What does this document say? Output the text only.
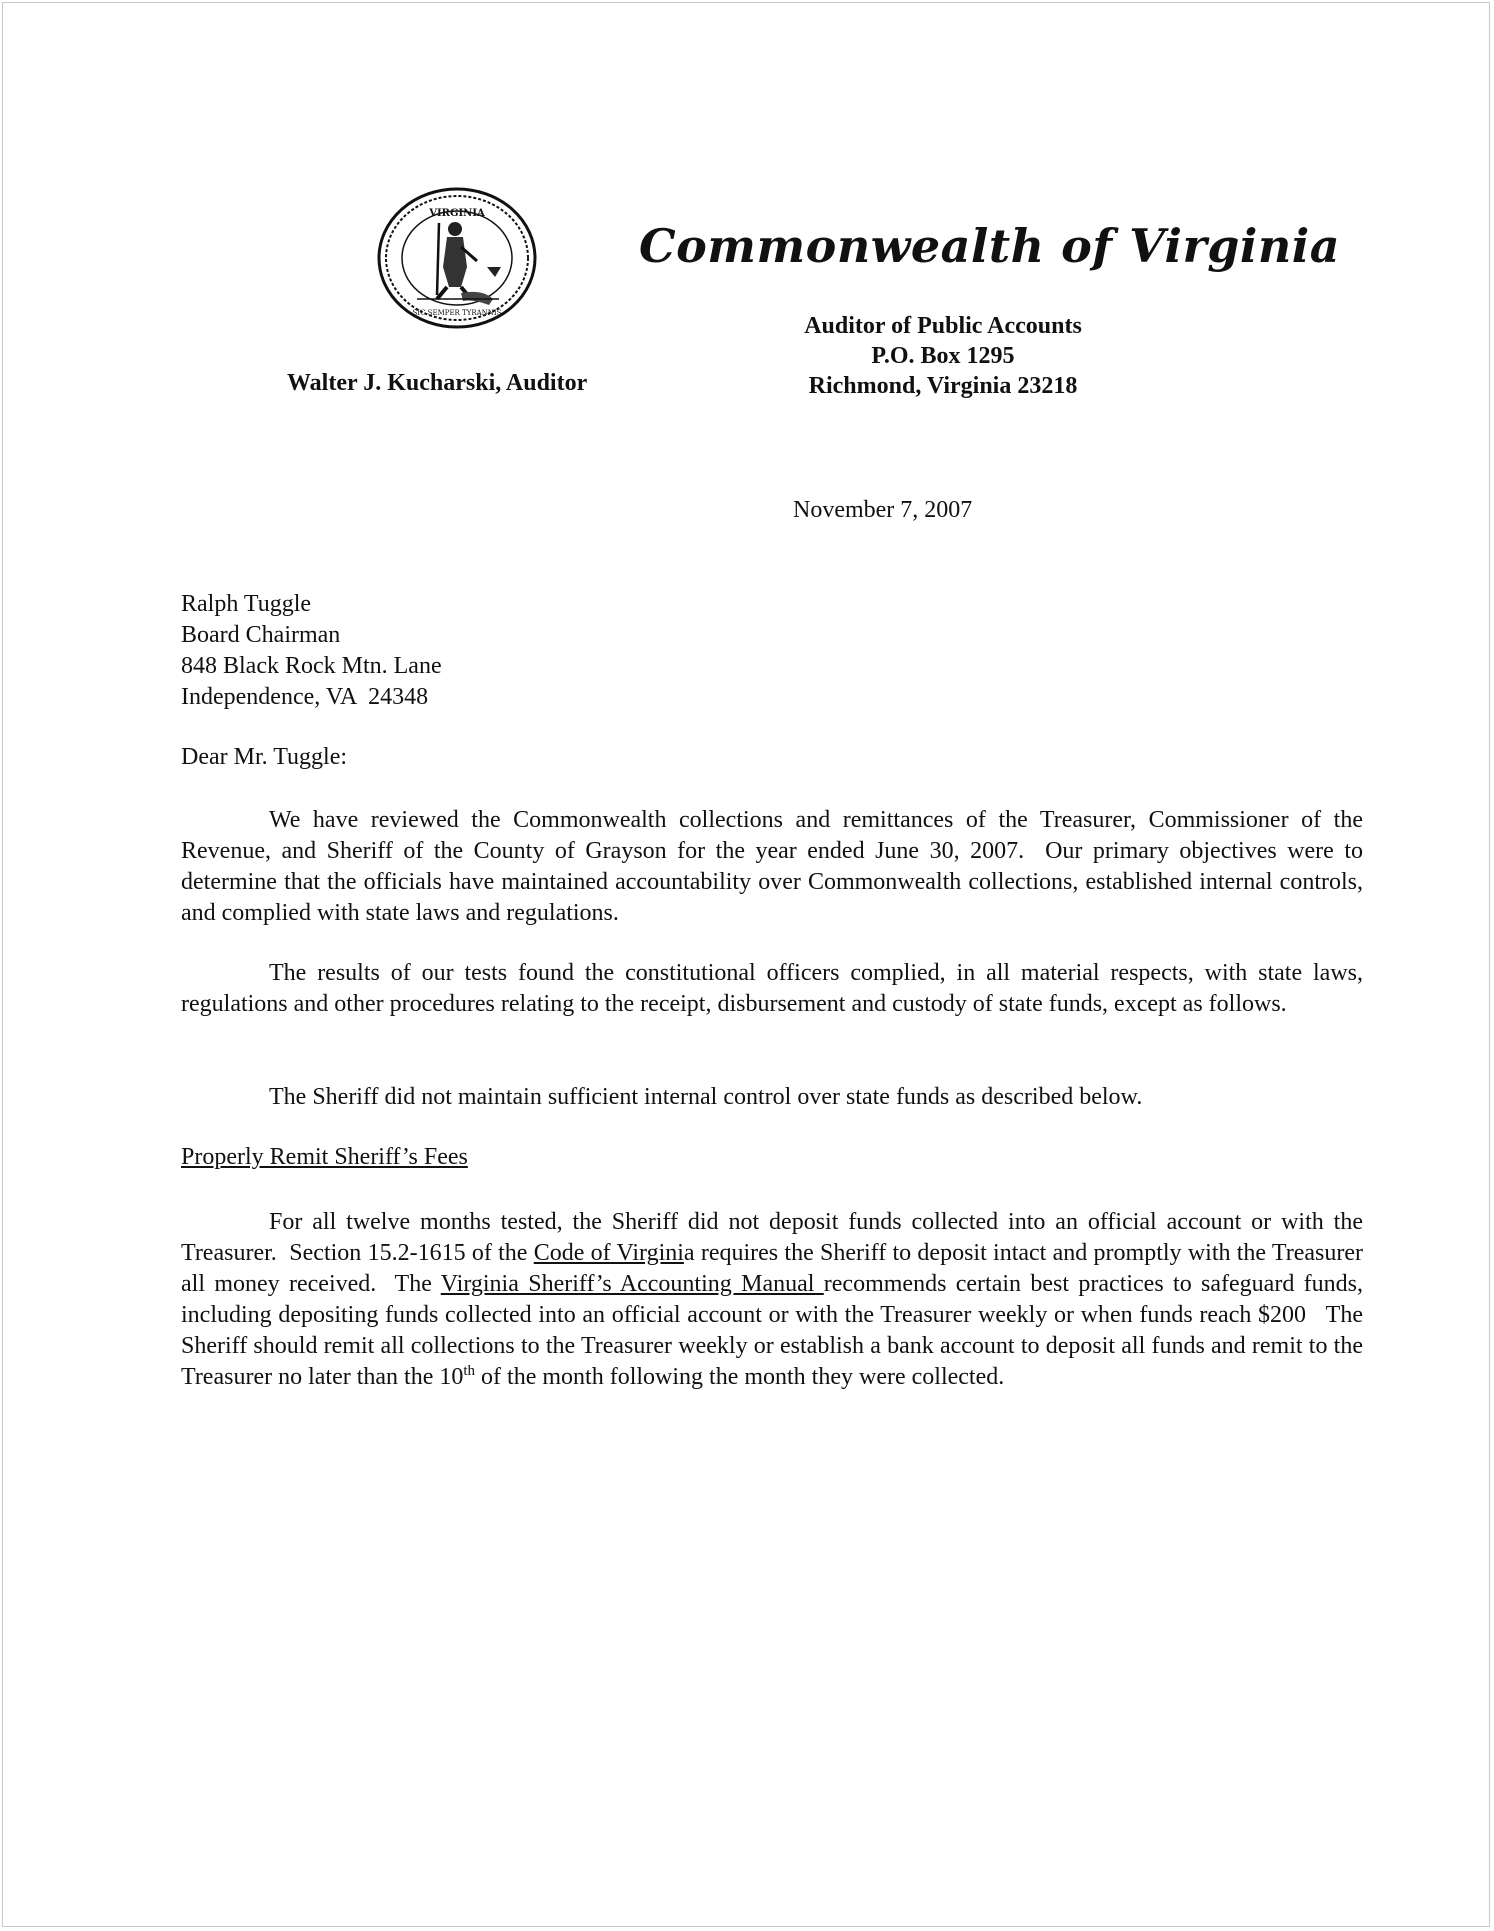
VIRGINIA
SIC SEMPER TYRANNIS
Commonwealth of Virginia
Auditor of Public Accounts
P.O. Box 1295
Richmond, Virginia 23218
Walter J. Kucharski, Auditor
November 7, 2007
Ralph Tuggle
Board Chairman
848 Black Rock Mtn. Lane
Independence, VA  24348
Dear Mr. Tuggle:

We have reviewed the Commonwealth collections and remittances of the Treasurer, Commissioner of the Revenue, and Sheriff of the County of Grayson for the year ended June 30, 2007.  Our primary objectives were to determine that the officials have maintained accountability over Commonwealth collections, established internal controls, and complied with state laws and regulations.

The results of our tests found the constitutional officers complied, in all material respects, with state laws, regulations and other procedures relating to the receipt, disbursement and custody of state funds, except as follows.

The Sheriff did not maintain sufficient internal control over state funds as described below.

Properly Remit Sheriff’s Fees

For all twelve months tested, the Sheriff did not deposit funds collected into an official account or with the Treasurer.  Section 15.2-1615 of the Code of Virginia requires the Sheriff to deposit intact and promptly with the Treasurer all money received.  The Virginia Sheriff’s Accounting Manual recommends certain best practices to safeguard funds, including depositing funds collected into an official account or with the Treasurer weekly or when funds reach $200   The Sheriff should remit all collections to the Treasurer weekly or establish a bank account to deposit all funds and remit to the Treasurer no later than the 10th of the month following the month they were collected.
